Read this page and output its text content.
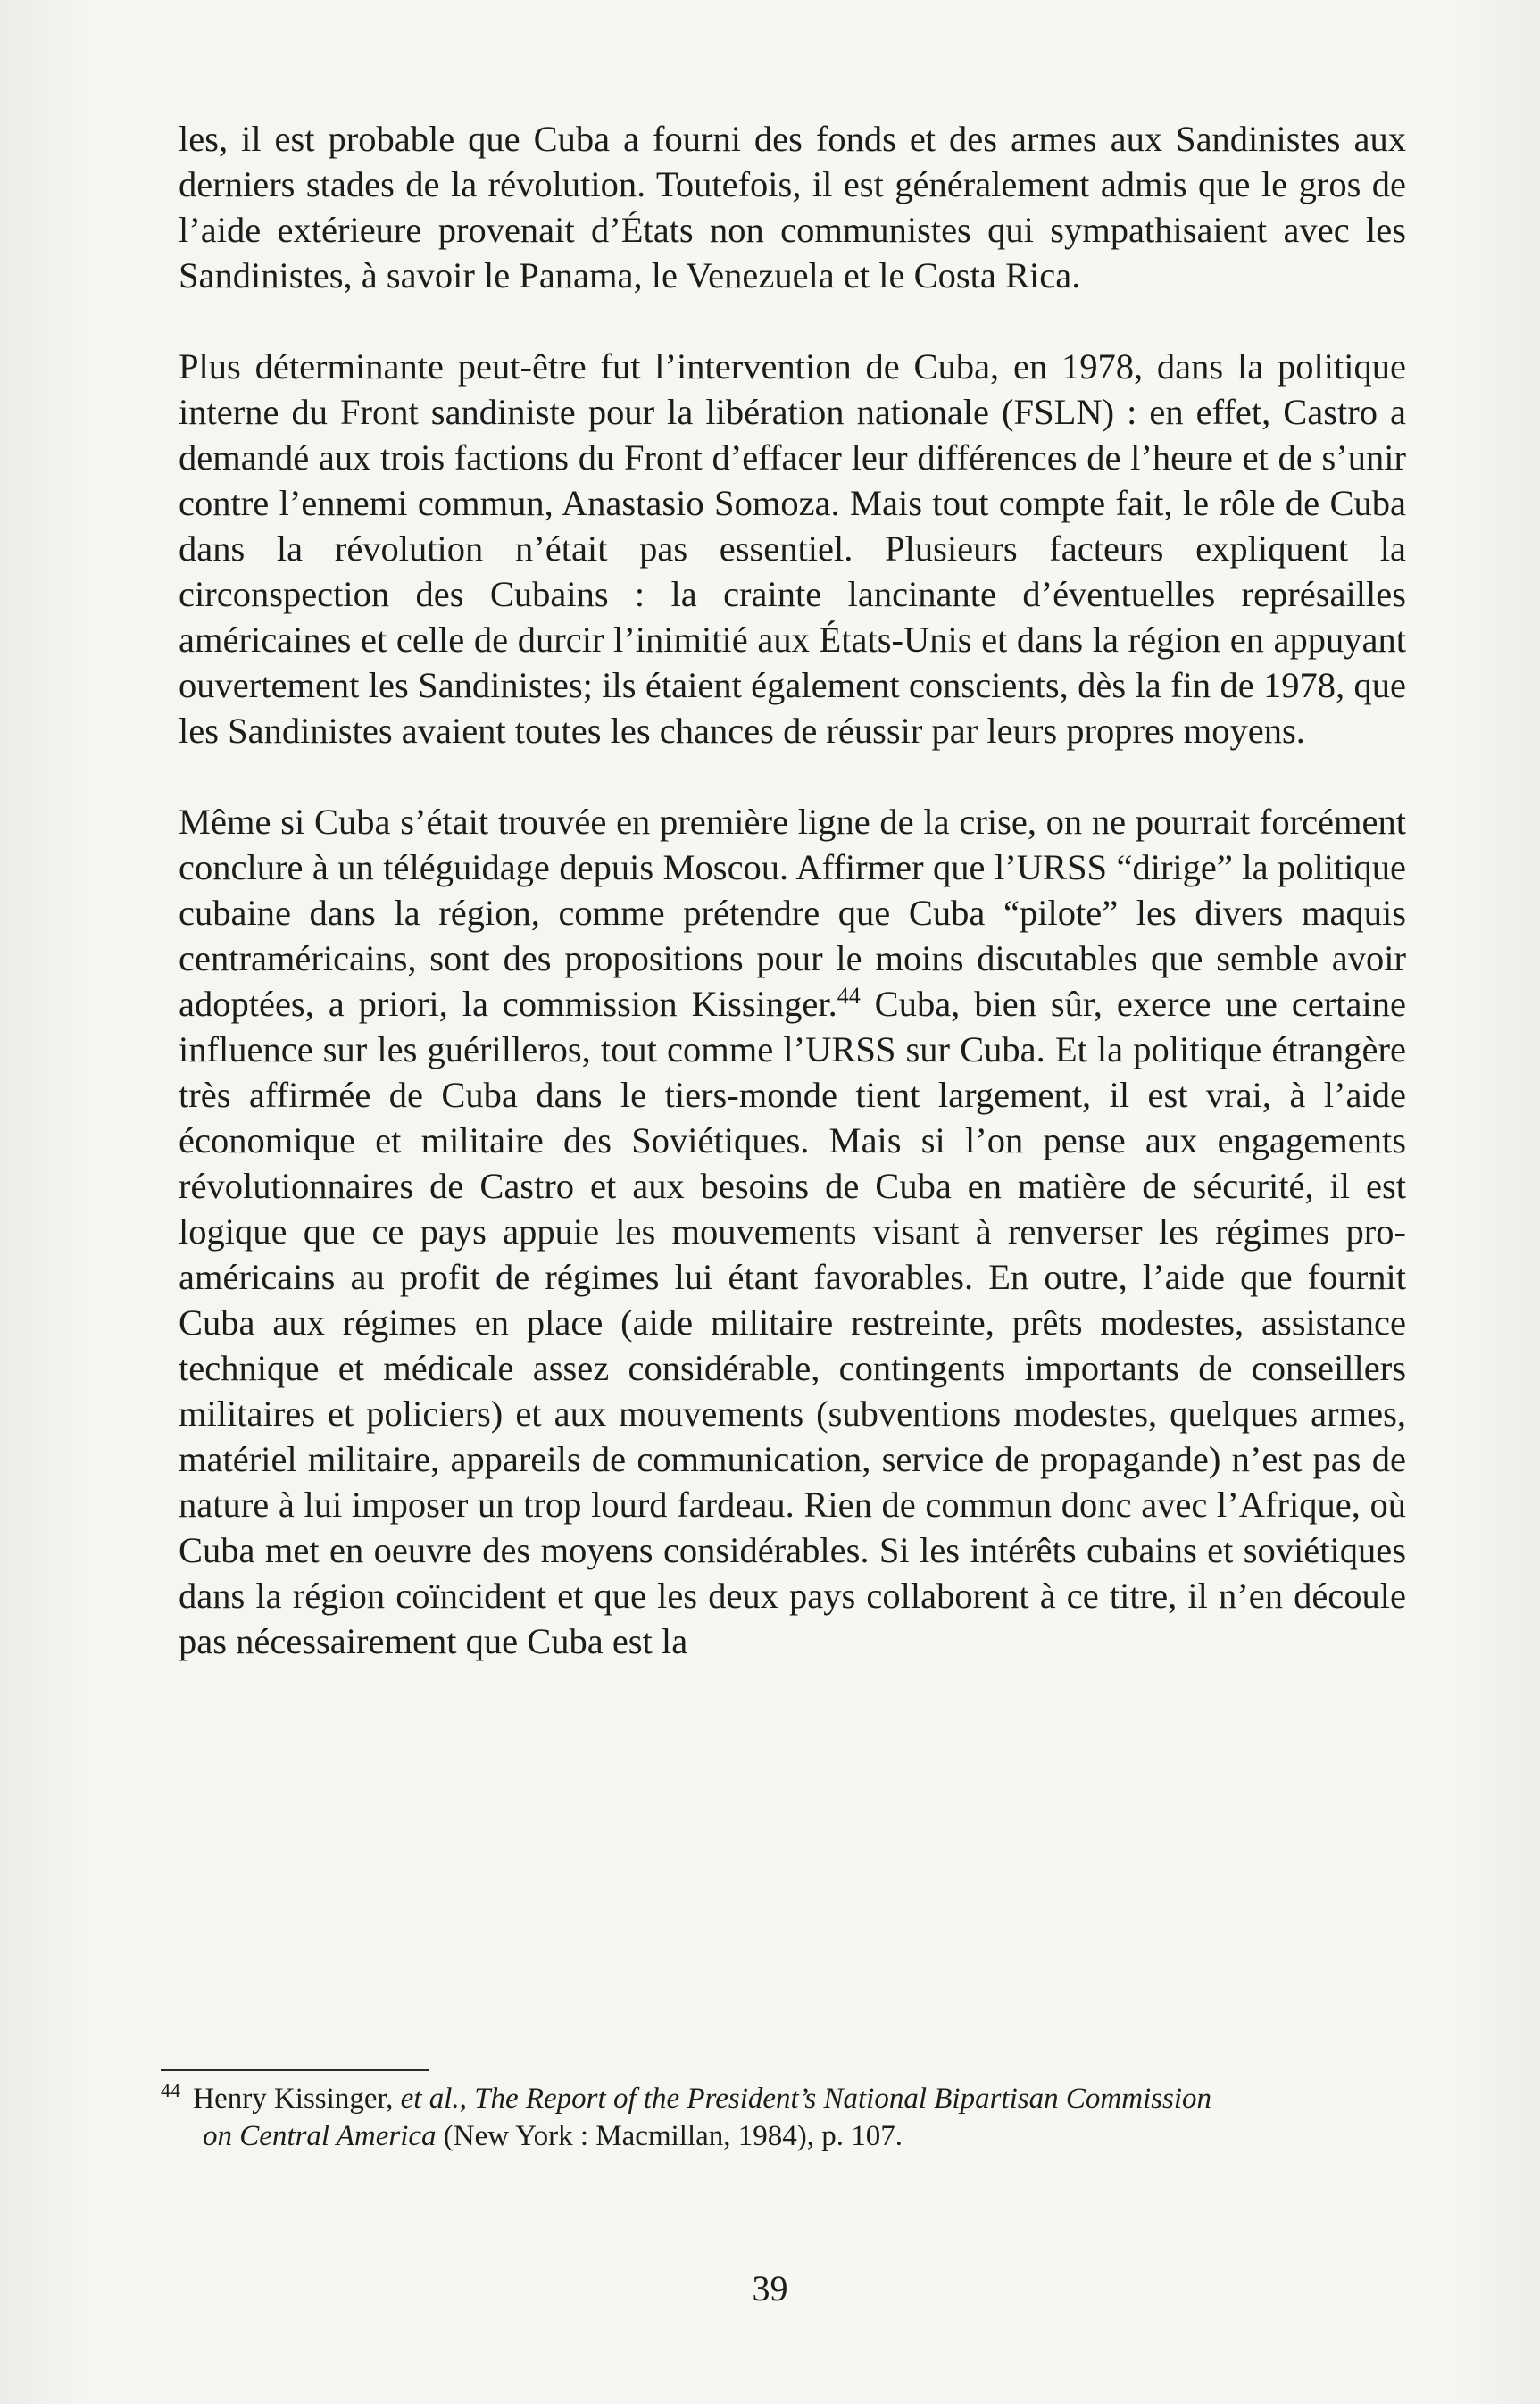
les, il est probable que Cuba a fourni des fonds et des armes aux Sandinistes aux derniers stades de la révolution. Toutefois, il est généralement admis que le gros de l’aide extérieure provenait d’États non communistes qui sympathisaient avec les Sandinistes, à savoir le Panama, le Venezuela et le Costa Rica.

Plus déterminante peut-être fut l’intervention de Cuba, en 1978, dans la politique interne du Front sandiniste pour la libération nationale (FSLN) : en effet, Castro a demandé aux trois factions du Front d’effacer leur différences de l’heure et de s’unir contre l’ennemi commun, Anastasio Somoza. Mais tout compte fait, le rôle de Cuba dans la révolution n’était pas essentiel. Plusieurs facteurs expliquent la circonspection des Cubains : la crainte lancinante d’éventuelles représailles américaines et celle de durcir l’inimitié aux États-Unis et dans la région en appuyant ouvertement les Sandinistes; ils étaient également conscients, dès la fin de 1978, que les Sandinistes avaient toutes les chances de réussir par leurs propres moyens.

Même si Cuba s’était trouvée en première ligne de la crise, on ne pourrait forcément conclure à un téléguidage depuis Moscou. Affirmer que l’URSS “dirige” la politique cubaine dans la région, comme prétendre que Cuba “pilote” les divers maquis centraméricains, sont des propositions pour le moins discutables que semble avoir adoptées, a priori, la commission Kissinger.$^{44}$ Cuba, bien sûr, exerce une certaine influence sur les guérilleros, tout comme l’URSS sur Cuba. Et la politique étrangère très affirmée de Cuba dans le tiers-monde tient largement, il est vrai, à l’aide économique et militaire des Soviétiques. Mais si l’on pense aux engagements révolutionnaires de Castro et aux besoins de Cuba en matière de sécurité, il est logique que ce pays appuie les mouvements visant à renverser les régimes pro-américains au profit de régimes lui étant favorables. En outre, l’aide que fournit Cuba aux régimes en place (aide militaire restreinte, prêts modestes, assistance technique et médicale assez considérable, contingents importants de conseillers militaires et policiers) et aux mouvements (subventions modestes, quelques armes, matériel militaire, appareils de communication, service de propagande) n’est pas de nature à lui imposer un trop lourd fardeau. Rien de commun donc avec l’Afrique, où Cuba met en oeuvre des moyens considérables. Si les intérêts cubains et soviétiques dans la région coïncident et que les deux pays collaborent à ce titre, il n’en découle pas nécessairement que Cuba est la

$^{44}$ Henry Kissinger, et al., The Report of the President’s National Bipartisan Commission
on Central America (New York : Macmillan, 1984), p. 107.
39
